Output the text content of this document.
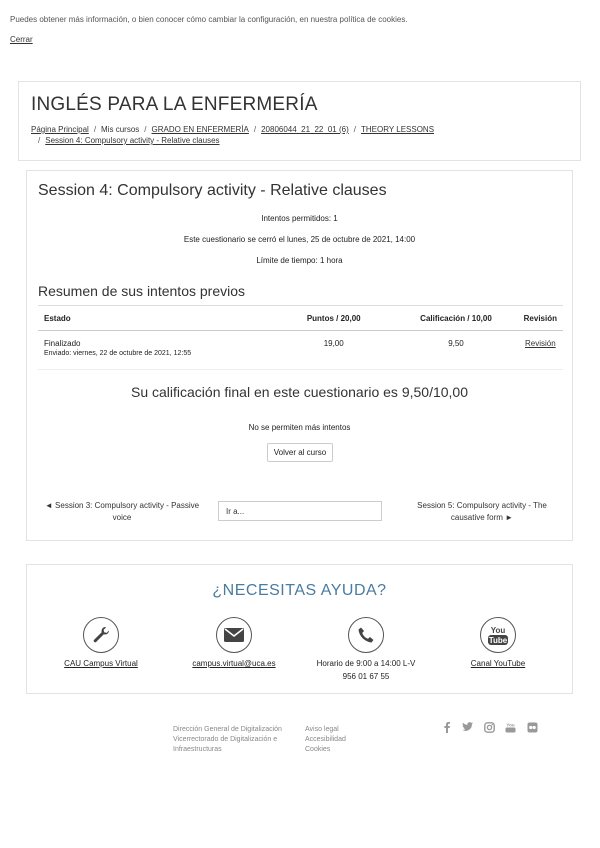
Puedes obtener más información, o bien conocer cómo cambiar la configuración, en nuestra política de cookies.
Cerrar
INGLÉS PARA LA ENFERMERÍA
Página Principal / Mis cursos / GRADO EN ENFERMERÍA / 20806044_21_22_01 (6) / THEORY LESSONS
/ Session 4: Compulsory activity - Relative clauses
Session 4: Compulsory activity - Relative clauses
Intentos permitidos: 1
Este cuestionario se cerró el lunes, 25 de octubre de 2021, 14:00
Límite de tiempo: 1 hora
Resumen de sus intentos previos
Estado	Puntos / 20,00	Calificación / 10,00	Revisión
Finalizado
Enviado: viernes, 22 de octubre de 2021, 12:55	19,00	9,50	Revisión
Su calificación final en este cuestionario es 9,50/10,00
No se permiten más intentos
Volver al curso
◄ Session 3: Compulsory activity - Passive voice
Ir a...
Session 5: Compulsory activity - The causative form ►
¿NECESITAS AYUDA?
CAU Campus Virtual	campus.virtual@uca.es	Horario de 9:00 a 14:00 L-V
956 01 67 55
You
Tube
Canal YouTube
Dirección General de Digitalización
Vicerrectorado de Digitalización e
Infraestructuras
Aviso legal
Accesibilidad
Cookies
You
